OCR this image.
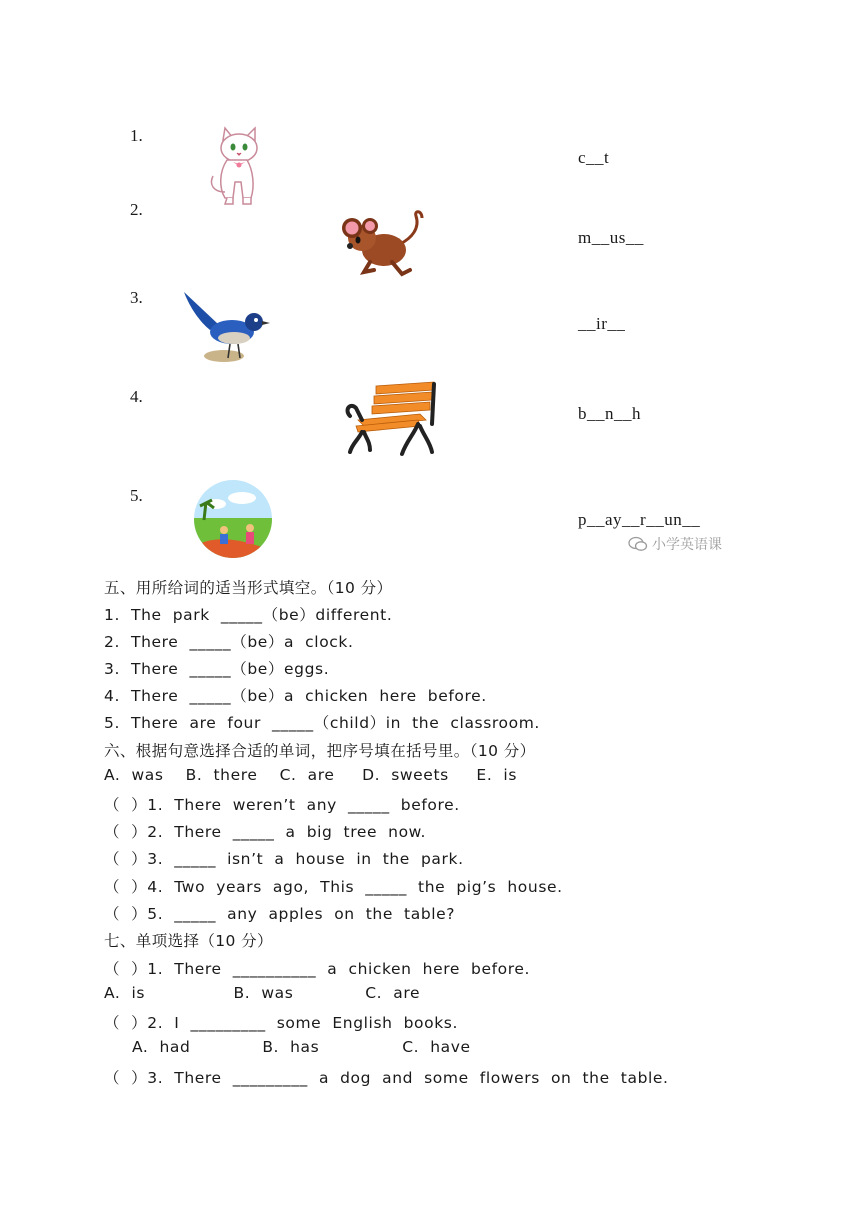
1.
2.
3.
4.
5.
c__t
m__us__
__ir__
b__n__h
p__ay__r__un__
小学英语课
五、用所给词的适当形式填空。（10 分）
1.  The  park  _____（be）different.
2.  There  _____（be）a  clock.
3.  There  _____（be）eggs.
4.  There  _____（be）a  chicken  here  before.
5.  There  are  four  _____（child）in  the  classroom.
六、根据句意选择合适的单词，把序号填在括号里。（10 分）
A.  was    B.  there    C.  are     D.  sweets     E.  is
（  ）1.  There  weren’t  any  _____  before.
（  ）2.  There  _____  a  big  tree  now.
（  ）3.  _____  isn’t  a  house  in  the  park.
（  ）4.  Two  years  ago,  This  _____  the  pig’s  house.
（  ）5.  _____  any  apples  on  the  table?
七、单项选择（10 分）
（  ）1.  There  __________  a  chicken  here  before.
A.  is                B.  was             C.  are
（  ）2.  I  _________  some  English  books.
A.  had             B.  has               C.  have
（  ）3.  There  _________  a  dog  and  some  flowers  on  the  table.
